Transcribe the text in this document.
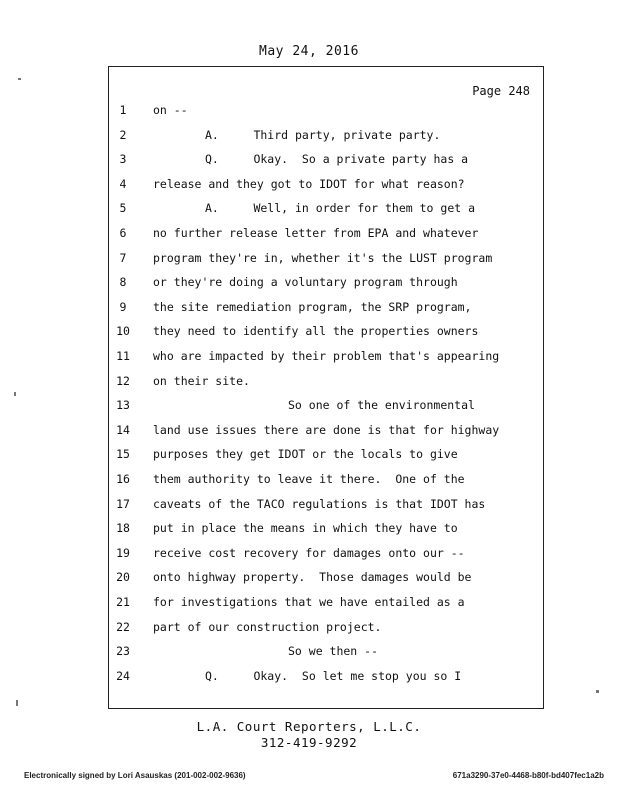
May 24, 2016
Page 248
1	on --
2	A.     Third party, private party.
3	Q.     Okay.  So a private party has a
4	release and they got to IDOT for what reason?
5	A.     Well, in order for them to get a
6	no further release letter from EPA and whatever
7	program they're in, whether it's the LUST program
8	or they're doing a voluntary program through
9	the site remediation program, the SRP program,
10	they need to identify all the properties owners
11	who are impacted by their problem that's appearing
12	on their site.
13	So one of the environmental
14	land use issues there are done is that for highway
15	purposes they get IDOT or the locals to give
16	them authority to leave it there.  One of the
17	caveats of the TACO regulations is that IDOT has
18	put in place the means in which they have to
19	receive cost recovery for damages onto our --
20	onto highway property.  Those damages would be
21	for investigations that we have entailed as a
22	part of our construction project.
23	So we then --
24	Q.     Okay.  So let me stop you so I
L.A. Court Reporters, L.L.C.
312-419-9292
Electronically signed by Lori Asauskas (201-002-002-9636)	671a3290-37e0-4468-b80f-bd407fec1a2b
